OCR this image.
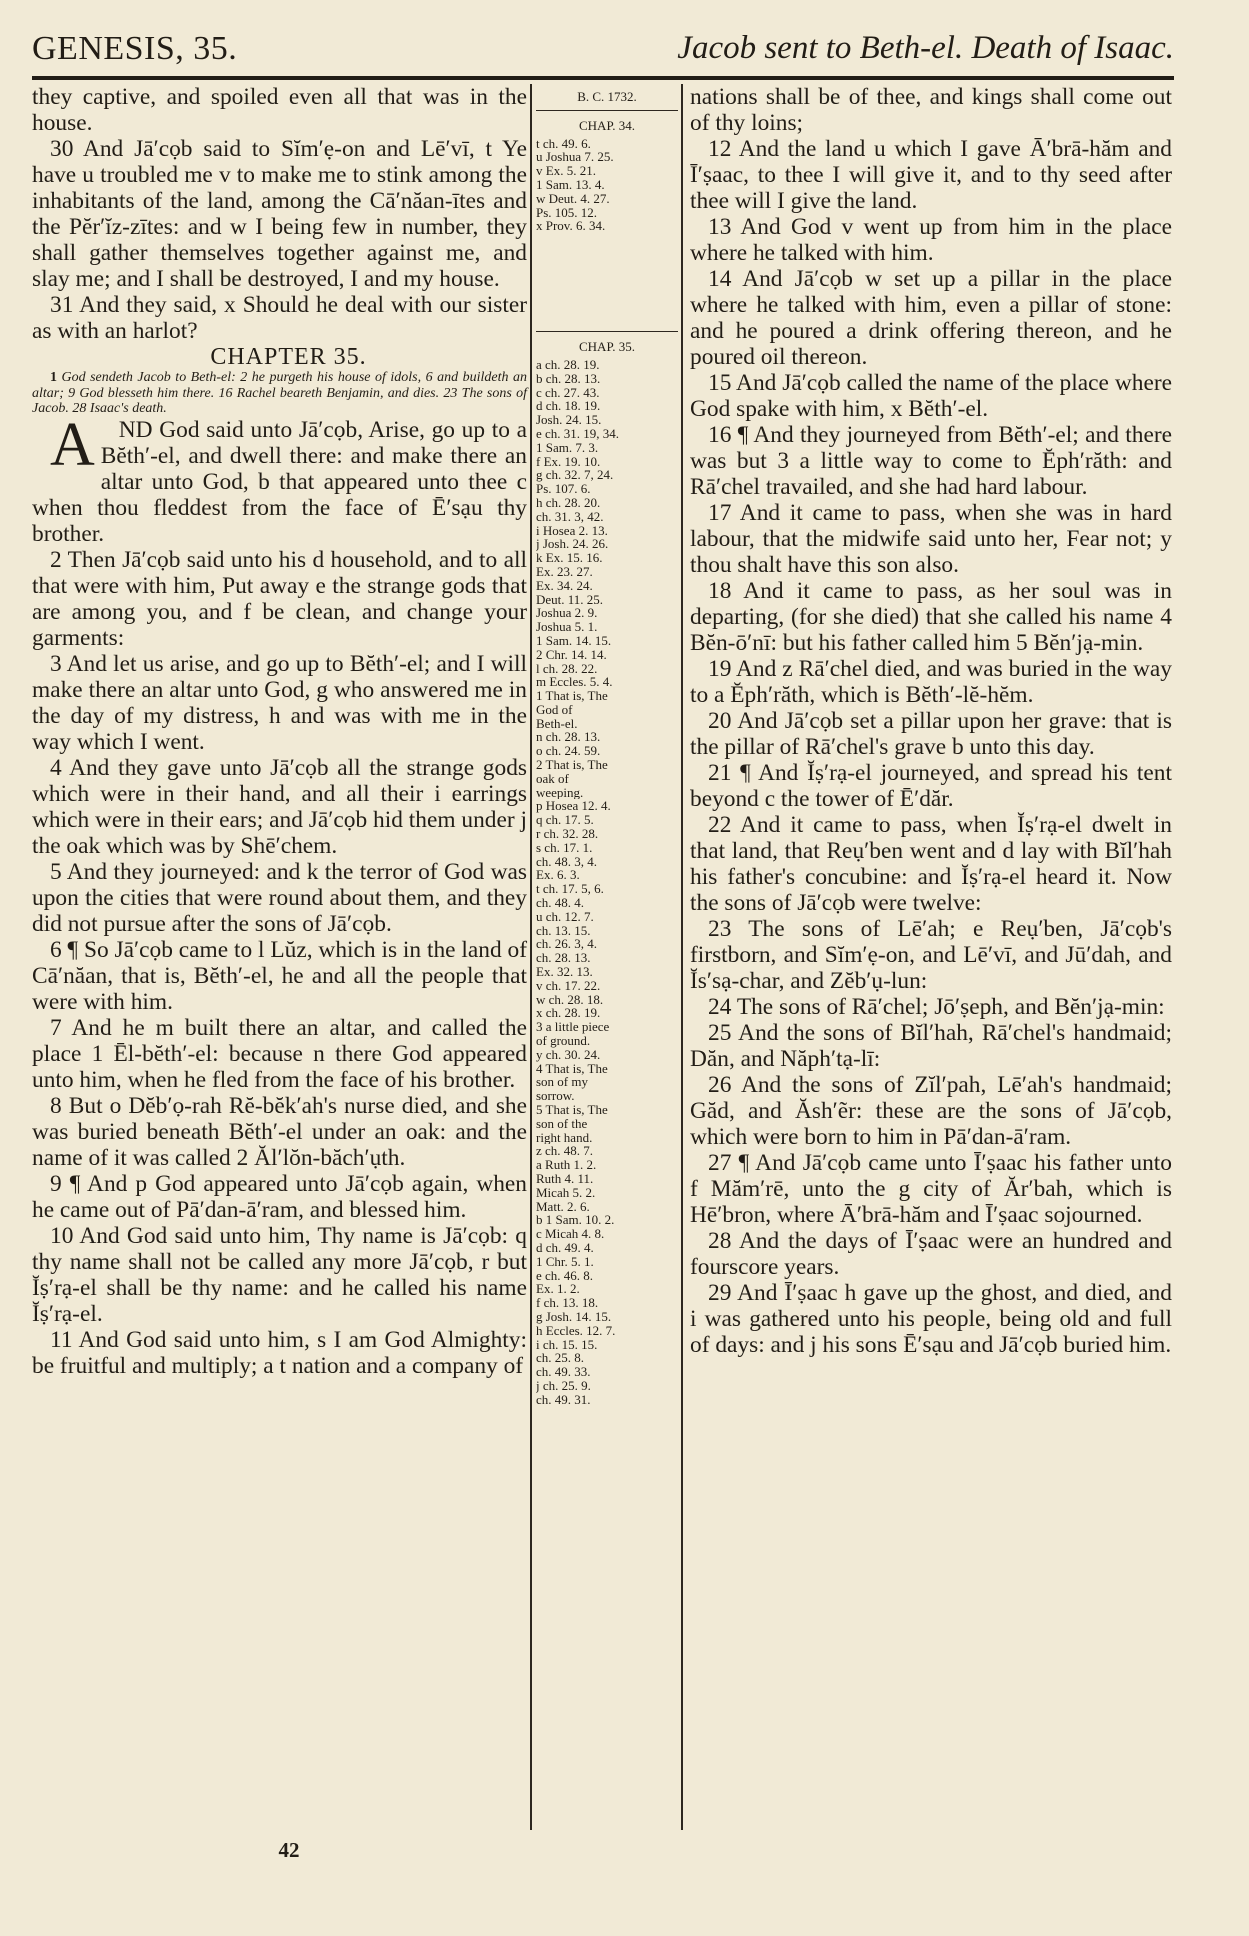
GENESIS, 35.	Jacob sent to Beth-el. Death of Isaac.

they captive, and spoiled even all that was in the house.

30 And Jā′cọb said to Sĭm′ẹ-on and Lē′vī, t Ye have u troubled me v to make me to stink among the inhabitants of the land, among the Cā′năan-ītes and the Pĕr′ĭz-zītes: and w I being few in number, they shall gather themselves together against me, and slay me; and I shall be destroyed, I and my house.

31 And they said, x Should he deal with our sister as with an harlot?

CHAPTER 35.

1 God sendeth Jacob to Beth-el: 2 he purgeth his house of idols, 6 and buildeth an altar; 9 God blesseth him there. 16 Rachel beareth Benjamin, and dies. 23 The sons of Jacob. 28 Isaac's death.

A ND God said unto Jā′cọb, Arise, go up to a Bĕth′-el, and dwell there: and make there an altar unto God, b that appeared unto thee c when thou fleddest from the face of Ē′sạu thy brother.

2 Then Jā′cọb said unto his d household, and to all that were with him, Put away e the strange gods that are among you, and f be clean, and change your garments:

3 And let us arise, and go up to Bĕth′-el; and I will make there an altar unto God, g who answered me in the day of my distress, h and was with me in the way which I went.

4 And they gave unto Jā′cọb all the strange gods which were in their hand, and all their i earrings which were in their ears; and Jā′cọb hid them under j the oak which was by Shē′chem.

5 And they journeyed: and k the terror of God was upon the cities that were round about them, and they did not pursue after the sons of Jā′cọb.

6 ¶ So Jā′cọb came to l Lŭz, which is in the land of Cā′năan, that is, Bĕth′-el, he and all the people that were with him.

7 And he m built there an altar, and called the place 1 Ēl-bĕth′-el: because n there God appeared unto him, when he fled from the face of his brother.

8 But o Dĕb′ọ-rah Rĕ-bĕk′ah's nurse died, and she was buried beneath Bĕth′-el under an oak: and the name of it was called 2 Ăl′lŏn-băch′ụth.

9 ¶ And p God appeared unto Jā′cọb again, when he came out of Pā′dan-ā′ram, and blessed him.

10 And God said unto him, Thy name is Jā′cọb: q thy name shall not be called any more Jā′cọb, r but Ĭṣ′rạ-el shall be thy name: and he called his name Ĭṣ′rạ-el.

11 And God said unto him, s I am God Almighty: be fruitful and multiply; a t nation and a company of

B. C. 1732.
CHAP. 34.
t ch. 49. 6.
u Joshua 7. 25.
v Ex. 5. 21.
1 Sam. 13. 4.
w Deut. 4. 27.
Ps. 105. 12.
x Prov. 6. 34.
CHAP. 35.
a ch. 28. 19.
b ch. 28. 13.
c ch. 27. 43.
d ch. 18. 19.
Josh. 24. 15.
e ch. 31. 19, 34.
1 Sam. 7. 3.
f Ex. 19. 10.
g ch. 32. 7, 24.
Ps. 107. 6.
h ch. 28. 20.
ch. 31. 3, 42.
i Hosea 2. 13.
j Josh. 24. 26.
k Ex. 15. 16.
Ex. 23. 27.
Ex. 34. 24.
Deut. 11. 25.
Joshua 2. 9.
Joshua 5. 1.
1 Sam. 14. 15.
2 Chr. 14. 14.
l ch. 28. 22.
m Eccles. 5. 4.
1 That is, The
God of
Beth-el.
n ch. 28. 13.
o ch. 24. 59.
2 That is, The
oak of
weeping.
p Hosea 12. 4.
q ch. 17. 5.
r ch. 32. 28.
s ch. 17. 1.
ch. 48. 3, 4.
Ex. 6. 3.
t ch. 17. 5, 6.
ch. 48. 4.
u ch. 12. 7.
ch. 13. 15.
ch. 26. 3, 4.
ch. 28. 13.
Ex. 32. 13.
v ch. 17. 22.
w ch. 28. 18.
x ch. 28. 19.
3 a little piece
of ground.
y ch. 30. 24.
4 That is, The
son of my
sorrow.
5 That is, The
son of the
right hand.
z ch. 48. 7.
a Ruth 1. 2.
Ruth 4. 11.
Micah 5. 2.
Matt. 2. 6.
b 1 Sam. 10. 2.
c Micah 4. 8.
d ch. 49. 4.
1 Chr. 5. 1.
e ch. 46. 8.
Ex. 1. 2.
f ch. 13. 18.
g Josh. 14. 15.
h Eccles. 12. 7.
i ch. 15. 15.
ch. 25. 8.
ch. 49. 33.
j ch. 25. 9.
ch. 49. 31.

nations shall be of thee, and kings shall come out of thy loins;

12 And the land u which I gave Ā′brā-hăm and Ī′ṣaac, to thee I will give it, and to thy seed after thee will I give the land.

13 And God v went up from him in the place where he talked with him.

14 And Jā′cọb w set up a pillar in the place where he talked with him, even a pillar of stone: and he poured a drink offering thereon, and he poured oil thereon.

15 And Jā′cọb called the name of the place where God spake with him, x Bĕth′-el.

16 ¶ And they journeyed from Bĕth′-el; and there was but 3 a little way to come to Ĕph′răth: and Rā′chel travailed, and she had hard labour.

17 And it came to pass, when she was in hard labour, that the midwife said unto her, Fear not; y thou shalt have this son also.

18 And it came to pass, as her soul was in departing, (for she died) that she called his name 4 Bĕn-ō′nī: but his father called him 5 Bĕn′jạ-min.

19 And z Rā′chel died, and was buried in the way to a Ĕph′răth, which is Bĕth′-lĕ-hĕm.

20 And Jā′cọb set a pillar upon her grave: that is the pillar of Rā′chel's grave b unto this day.

21 ¶ And Ĭṣ′rạ-el journeyed, and spread his tent beyond c the tower of Ē′dăr.

22 And it came to pass, when Ĭṣ′rạ-el dwelt in that land, that Reụ′ben went and d lay with Bĭl′hah his father's concubine: and Ĭṣ′rạ-el heard it. Now the sons of Jā′cọb were twelve:

23 The sons of Lē′ah; e Reụ′ben, Jā′cọb's firstborn, and Sĭm′ẹ-on, and Lē′vī, and Jū′dah, and Ĭs′sạ-char, and Zĕb′ụ-lun:

24 The sons of Rā′chel; Jō′ṣeph, and Bĕn′jạ-min:

25 And the sons of Bĭl′hah, Rā′chel's handmaid; Dăn, and Năph′tạ-lī:

26 And the sons of Zĭl′pah, Lē′ah's handmaid; Găd, and Ăsh′ẽr: these are the sons of Jā′cọb, which were born to him in Pā′dan-ā′ram.

27 ¶ And Jā′cọb came unto Ī′ṣaac his father unto f Măm′rē, unto the g city of Ăr′bah, which is Hē′bron, where Ā′brā-hăm and Ī′ṣaac sojourned.

28 And the days of Ī′ṣaac were an hundred and fourscore years.

29 And Ī′ṣaac h gave up the ghost, and died, and i was gathered unto his people, being old and full of days: and j his sons Ē′sạu and Jā′cọb buried him.

42
